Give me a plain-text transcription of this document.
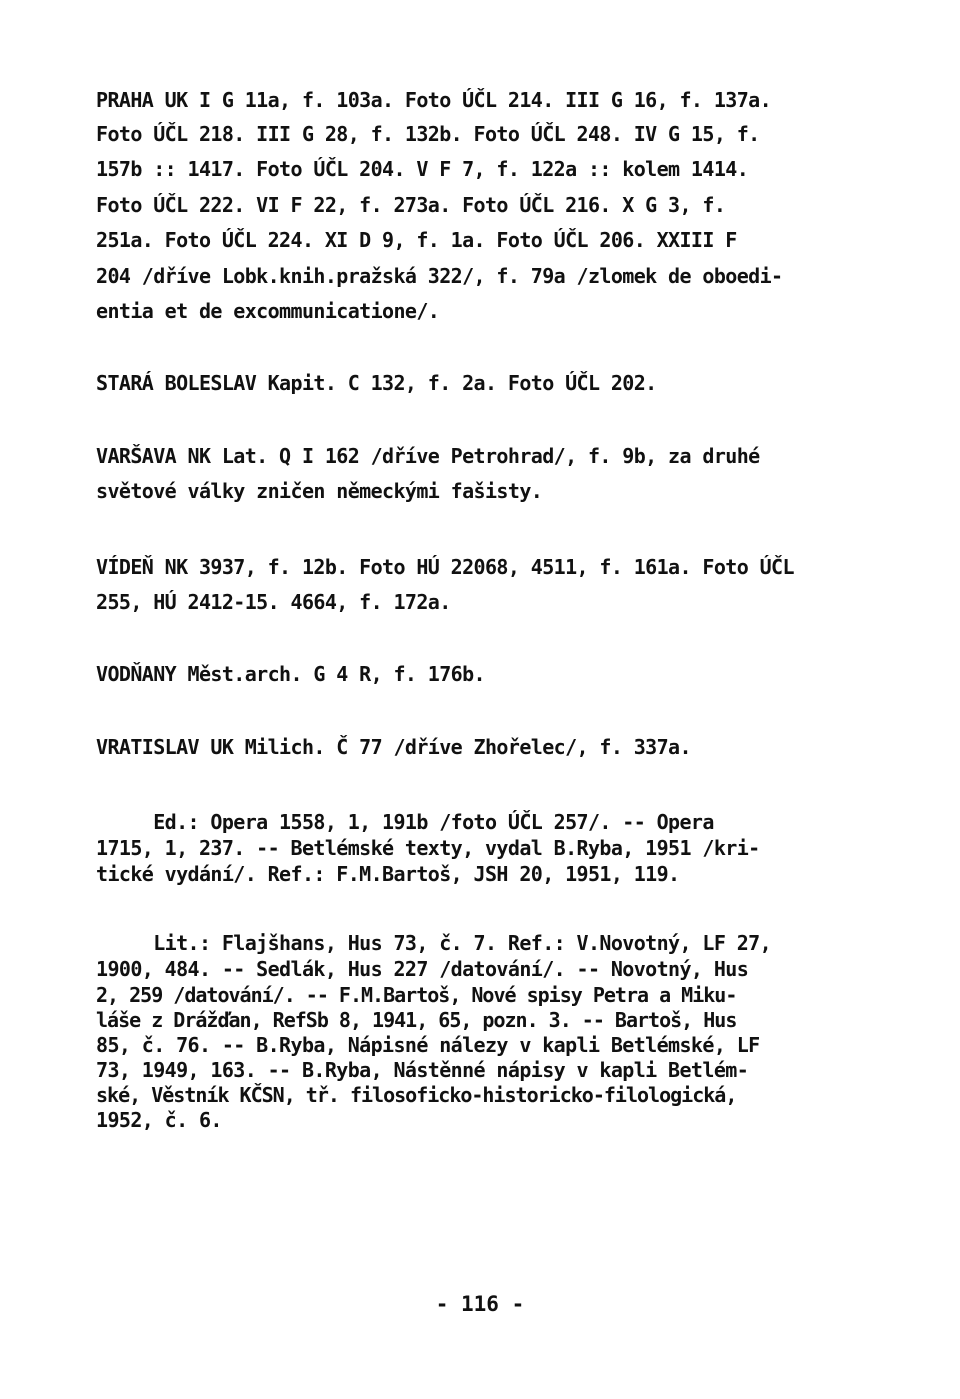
PRAHA UK I G 11a, f. 103a. Foto ÚČL 214. III G 16, f. 137a.
Foto ÚČL 218. III G 28, f. 132b. Foto ÚČL 248. IV G 15, f.
157b :: 1417. Foto ÚČL 204. V F 7, f. 122a :: kolem 1414.
Foto ÚČL 222. VI F 22, f. 273a. Foto ÚČL 216. X G 3, f.
251a. Foto ÚČL 224. XI D 9, f. 1a. Foto ÚČL 206. XXIII F
204 /dříve Lobk.knih.pražská 322/, f. 79a /zlomek de oboedi-
entia et de excommunicatione/.
STARÁ BOLESLAV Kapit. C 132, f. 2a. Foto ÚČL 202.
VARŠAVA NK Lat. Q I 162 /dříve Petrohrad/, f. 9b, za druhé
světové války zničen německými fašisty.
VÍDEŇ NK 3937, f. 12b. Foto HÚ 22068, 4511, f. 161a. Foto ÚČL
255, HÚ 2412-15. 4664, f. 172a.
VODŇANY Měst.arch. G 4 R, f. 176b.
VRATISLAV UK Milich. Č 77 /dříve Zhořelec/, f. 337a.
Ed.: Opera 1558, 1, 191b /foto ÚČL 257/. -- Opera
1715, 1, 237. -- Betlémské texty, vydal B.Ryba, 1951 /kri-
tické vydání/. Ref.: F.M.Bartoš, JSH 20, 1951, 119.
Lit.: Flajšhans, Hus 73, č. 7. Ref.: V.Novotný, LF 27,
1900, 484. -- Sedlák, Hus 227 /datování/. -- Novotný, Hus
2, 259 /datování/. -- F.M.Bartoš, Nové spisy Petra a Miku-
láše z Drážďan, RefSb 8, 1941, 65, pozn. 3. -- Bartoš, Hus
85, č. 76. -- B.Ryba, Nápisné nálezy v kapli Betlémské, LF
73, 1949, 163. -- B.Ryba, Nástěnné nápisy v kapli Betlém-
ské, Věstník KČSN, tř. filosoficko-historicko-filologická,
1952, č. 6.
- 116 -
